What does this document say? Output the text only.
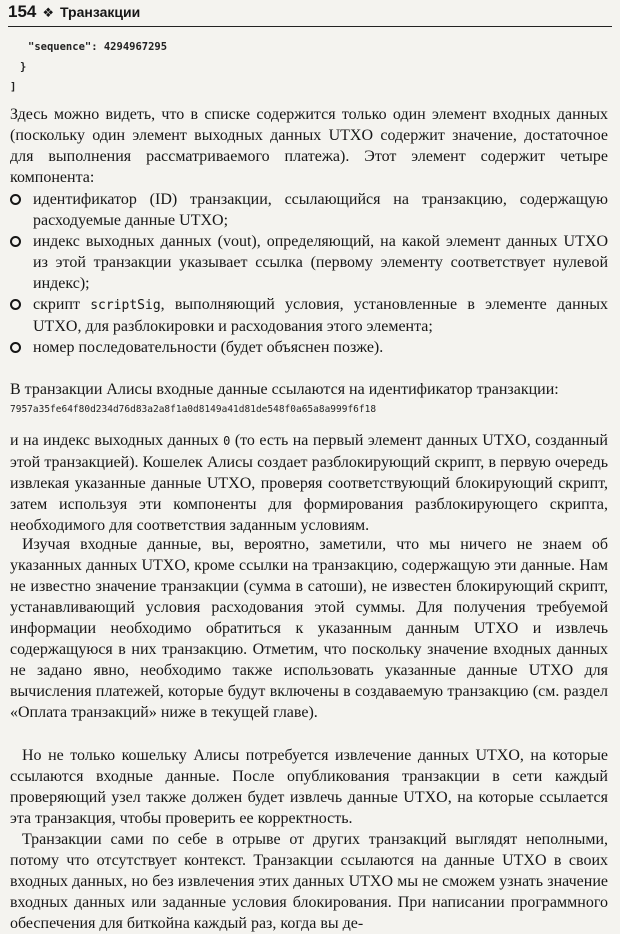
154 ❖ Транзакции
"sequence": 4294967295
}
]
Здесь можно видеть, что в списке содержится только один элемент входных данных (поскольку один элемент выходных данных UTXO содержит значение, достаточное для выполнения рассматриваемого платежа). Этот элемент содержит четыре компонента:
идентификатор (ID) транзакции, ссылающийся на транзакцию, содержащую расходуемые данные UTXO;
индекс выходных данных (vout), определяющий, на какой элемент данных UTXO из этой транзакции указывает ссылка (первому элементу соответствует нулевой индекс);
скрипт scriptSig, выполняющий условия, установленные в элементе данных UTXO, для разблокировки и расходования этого элемента;
номер последовательности (будет объяснен позже).
В транзакции Алисы входные данные ссылаются на идентификатор транзакции:
7957a35fe64f80d234d76d83a2a8f1a0d8149a41d81de548f0a65a8a999f6f18
и на индекс выходных данных 0 (то есть на первый элемент данных UTXO, созданный этой транзакцией). Кошелек Алисы создает разблокирующий скрипт, в первую очередь извлекая указанные данные UTXO, проверяя соответствующий блокирующий скрипт, затем используя эти компоненты для формирования разблокирующего скрипта, необходимого для соответствия заданным условиям.
Изучая входные данные, вы, вероятно, заметили, что мы ничего не знаем об указанных данных UTXO, кроме ссылки на транзакцию, содержащую эти данные. Нам не известно значение транзакции (сумма в сатоши), не известен блокирующий скрипт, устанавливающий условия расходования этой суммы. Для получения требуемой информации необходимо обратиться к указанным данным UTXO и извлечь содержащуюся в них транзакцию. Отметим, что поскольку значение входных данных не задано явно, необходимо также использовать указанные данные UTXO для вычисления платежей, которые будут включены в создаваемую транзакцию (см. раздел «Оплата транзакций» ниже в текущей главе).
Но не только кошельку Алисы потребуется извлечение данных UTXO, на которые ссылаются входные данные. После опубликования транзакции в сети каждый проверяющий узел также должен будет извлечь данные UTXO, на которые ссылается эта транзакция, чтобы проверить ее корректность.
Транзакции сами по себе в отрыве от других транзакций выглядят неполными, потому что отсутствует контекст. Транзакции ссылаются на данные UTXO в своих входных данных, но без извлечения этих данных UTXO мы не сможем узнать значение входных данных или заданные условия блокирования. При написании программного обеспечения для биткойна каждый раз, когда вы де-
